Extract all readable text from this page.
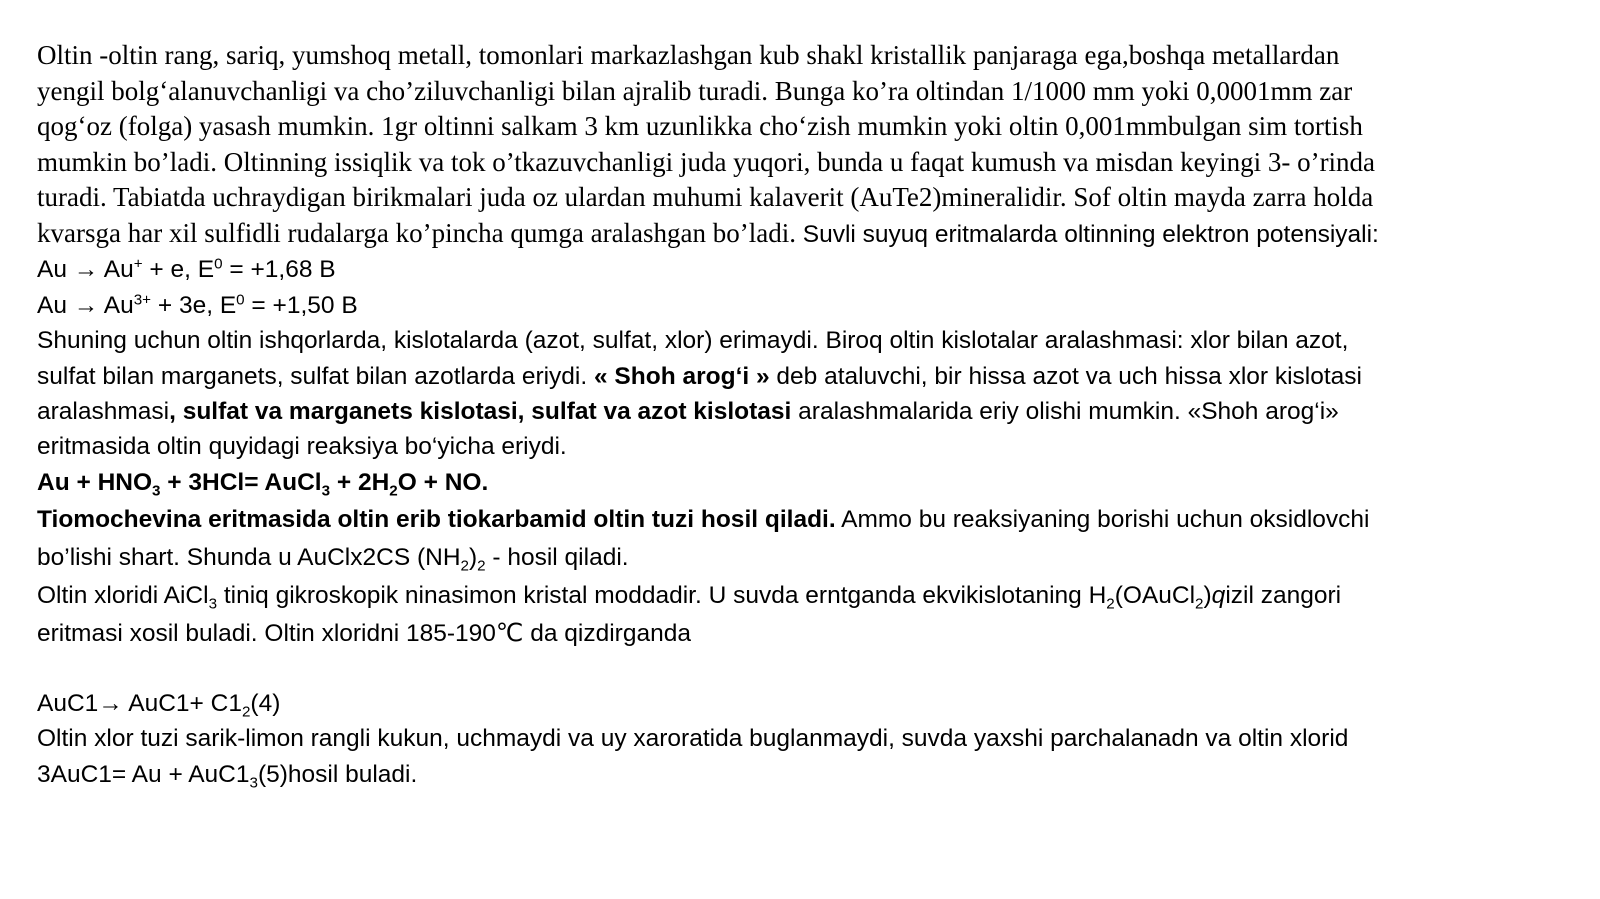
Oltin -oltin rang, sariq, yumshoq metall, tomonlari markazlashgan kub shakl kristallik panjaraga ega,boshqa metallardan
yengil bolg‘alanuvchanligi va cho’ziluvchanligi bilan ajralib turadi. Bunga ko’ra oltindan 1/1000 mm yoki 0,0001mm zar
qog‘oz (folga) yasash mumkin. 1gr oltinni salkam 3 km uzunlikka cho‘zish mumkin yoki oltin 0,001mmbulgan sim tortish
mumkin bo’ladi. Oltinning issiqlik va tok o’tkazuvchanligi juda yuqori, bunda u faqat kumush va misdan keyingi 3- o’rinda
turadi. Tabiatda uchraydigan birikmalari juda oz ulardan muhumi kalaverit (AuTe2)mineralidir. Sof oltin mayda zarra holda
kvarsga har xil sulfidli rudalarga ko’pincha qumga aralashgan bo’ladi. Suvli suyuq eritmalarda oltinning elektron potensiyali:
Au → Au+ + e, $E^0 = +1,68$ B
$Au \to Au^{3+} + 3e$, $E^0 = +1,50$ B
Shuning uchun oltin ishqorlarda, kislotalarda (azot, sulfat, xlor) erimaydi. Biroq oltin kislotalar aralashmasi: xlor bilan azot,
sulfat bilan marganets, sulfat bilan azotlarda eriydi. « Shoh arog‘i » deb ataluvchi, bir hissa azot va uch hissa xlor kislotasi
aralashmasi, sulfat va marganets kislotasi, sulfat va azot kislotasi aralashmalarida eriy olishi mumkin. «Shoh arog‘i»
eritmasida oltin quyidagi reaksiya bo‘yicha eriydi.
$Au + HNO_3 + 3HCl=$ AuCl$_3$ + $2H_2O$ + NO.
Tiomochevina eritmasida oltin erib tiokarbamid oltin tuzi hosil qiladi. Ammo bu reaksiyaning borishi uchun oksidlovchi
bo’lishi shart. Shunda u AuClx2CS $(NH_2)_2$ - hosil qiladi.
Oltin xloridi AiCl$_3$ tiniq gikroskopik ninasimon kristal moddadir. U suvda erntganda ekvikislotaning $H_2(OAuCl_2)qizil$ zangori
eritmasi xosil buladi. Oltin xloridni 185-190℃ da qizdirganda
$AuC1\to AuC1+ C1_2(4)$
Oltin xlor tuzi sarik-limon rangli kukun, uchmaydi va uy xaroratida buglanmaydi, suvda yaxshi parchalanadn va oltin xlorid
$3AuC1= Au + AuC1_3(5)hosil$ buladi.
